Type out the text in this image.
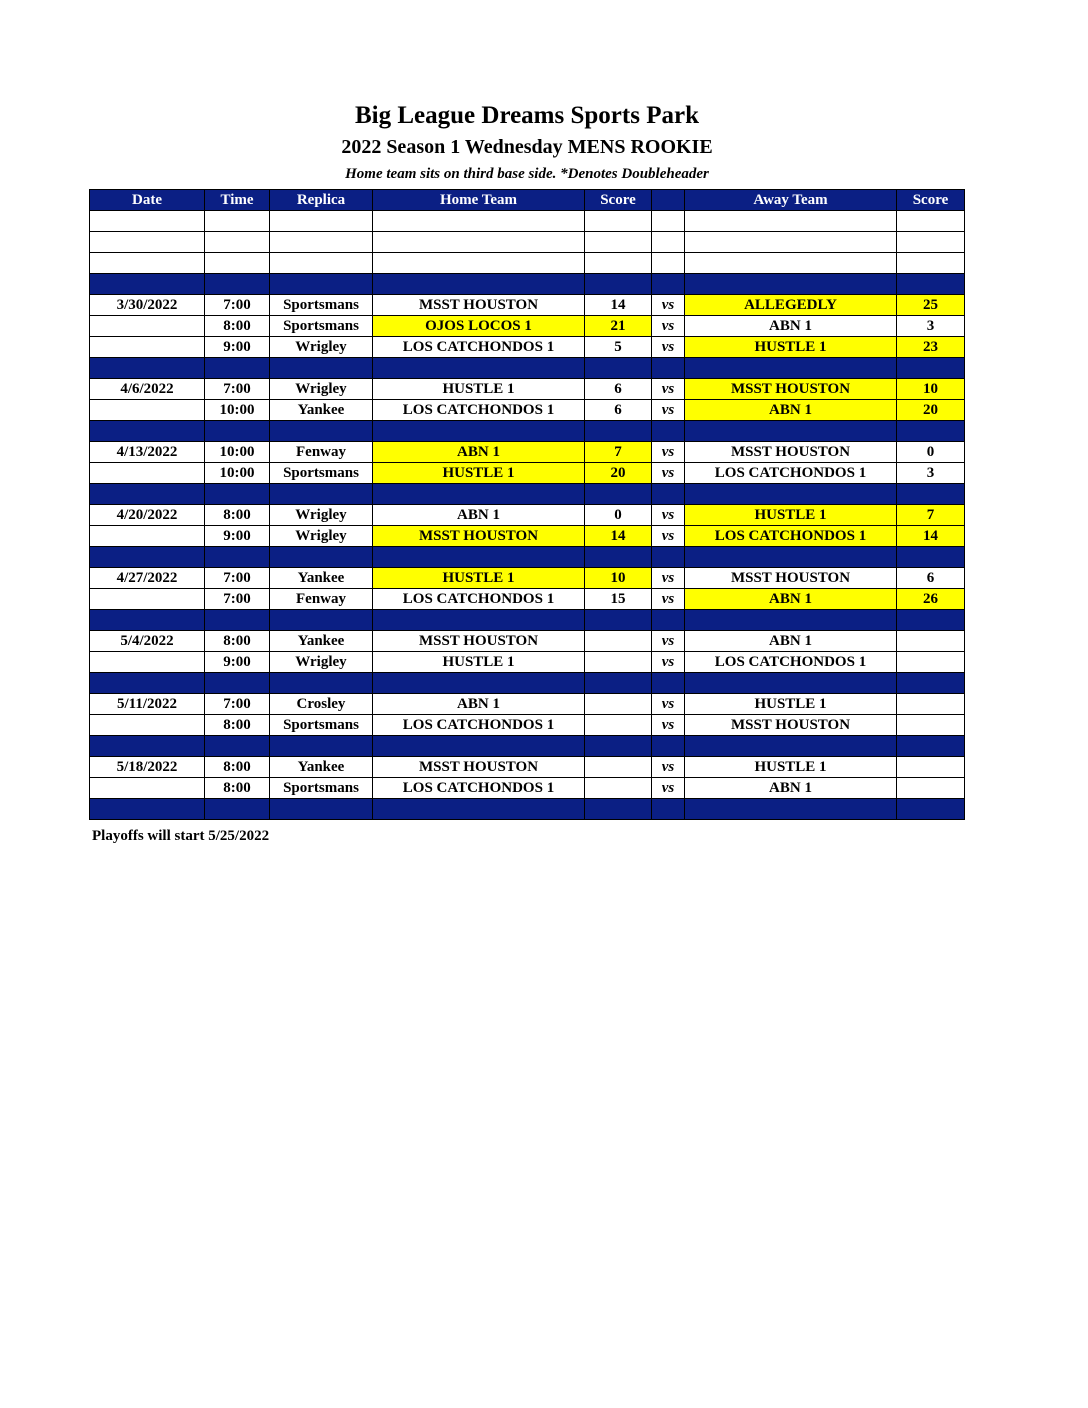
Big League Dreams Sports Park
2022 Season 1 Wednesday MENS ROOKIE
Home team sits on third base side. *Denotes Doubleheader
Date	Time	Replica	Home Team	Score		Away Team	Score

3/30/2022	7:00	Sportsmans	MSST HOUSTON	14	vs	ALLEGEDLY	25
	8:00	Sportsmans	OJOS LOCOS 1	21	vs	ABN 1	3
	9:00	Wrigley	LOS CATCHONDOS 1	5	vs	HUSTLE 1	23

4/6/2022	7:00	Wrigley	HUSTLE 1	6	vs	MSST HOUSTON	10
	10:00	Yankee	LOS CATCHONDOS 1	6	vs	ABN 1	20

4/13/2022	10:00	Fenway	ABN 1	7	vs	MSST HOUSTON	0
	10:00	Sportsmans	HUSTLE 1	20	vs	LOS CATCHONDOS 1	3

4/20/2022	8:00	Wrigley	ABN 1	0	vs	HUSTLE 1	7
	9:00	Wrigley	MSST HOUSTON	14	vs	LOS CATCHONDOS 1	14

4/27/2022	7:00	Yankee	HUSTLE 1	10	vs	MSST HOUSTON	6
	7:00	Fenway	LOS CATCHONDOS 1	15	vs	ABN 1	26

5/4/2022	8:00	Yankee	MSST HOUSTON		vs	ABN 1	
	9:00	Wrigley	HUSTLE 1		vs	LOS CATCHONDOS 1	

5/11/2022	7:00	Crosley	ABN 1		vs	HUSTLE 1	
	8:00	Sportsmans	LOS CATCHONDOS 1		vs	MSST HOUSTON	

5/18/2022	8:00	Yankee	MSST HOUSTON		vs	HUSTLE 1	
	8:00	Sportsmans	LOS CATCHONDOS 1		vs	ABN 1	

Playoffs will start 5/25/2022
